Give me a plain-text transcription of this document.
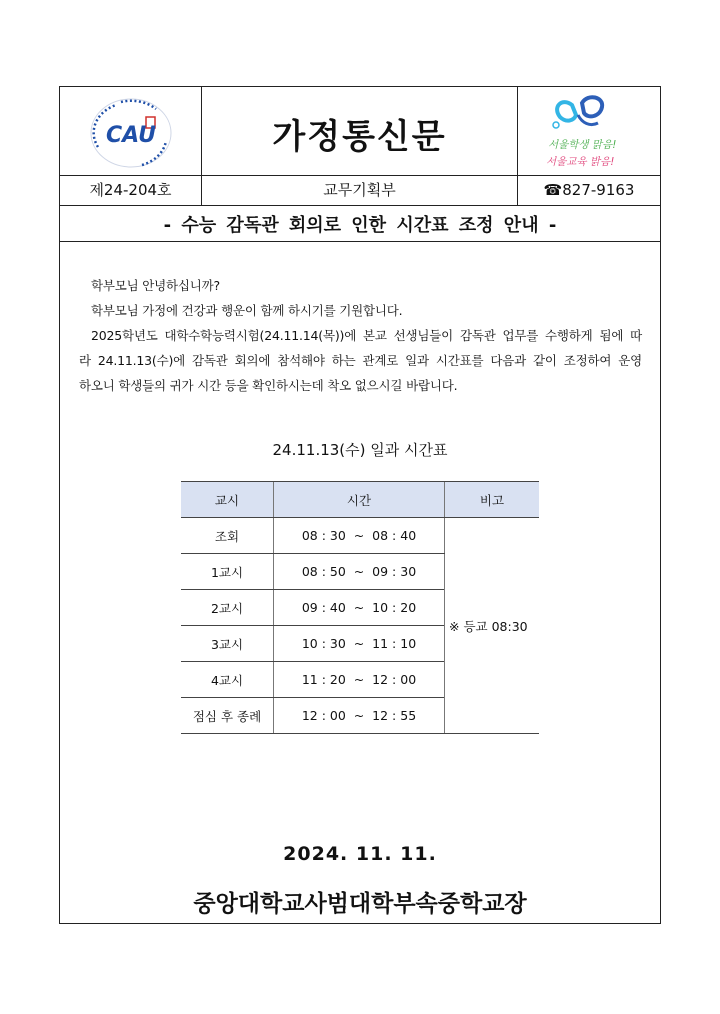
CAU
제24-204호
가정통신문
교무기획부
서울학생 맑음!
서울교육 밝음!
☎827-9163
- 수능 감독관 회의로 인한 시간표 조정 안내 -

학부모님 안녕하십니까?

학부모님 가정에 건강과 행운이 함께 하시기를 기원합니다.

2025학년도 대학수학능력시험(24.11.14(목))에 본교 선생님들이 감독관 업무를 수행하게 됨에 따

라 24.11.13(수)에 감독관 회의에 참석해야 하는 관계로 일과 시간표를 다음과 같이 조정하여 운영

하오니 학생들의 귀가 시간 등을 확인하시는데 착오 없으시길 바랍니다.

24.11.13(수) 일과 시간표
교시	시간	비고
조회	08 : 30  ~  08 : 40	※ 등교 08:30
1교시	08 : 50  ~  09 : 30	
2교시	09 : 40  ~  10 : 20	
3교시	10 : 30  ~  11 : 10	
4교시	11 : 20  ~  12 : 00	
점심 후 종례	12 : 00  ~  12 : 55	
2024. 11. 11.
중앙대학교사범대학부속중학교장
